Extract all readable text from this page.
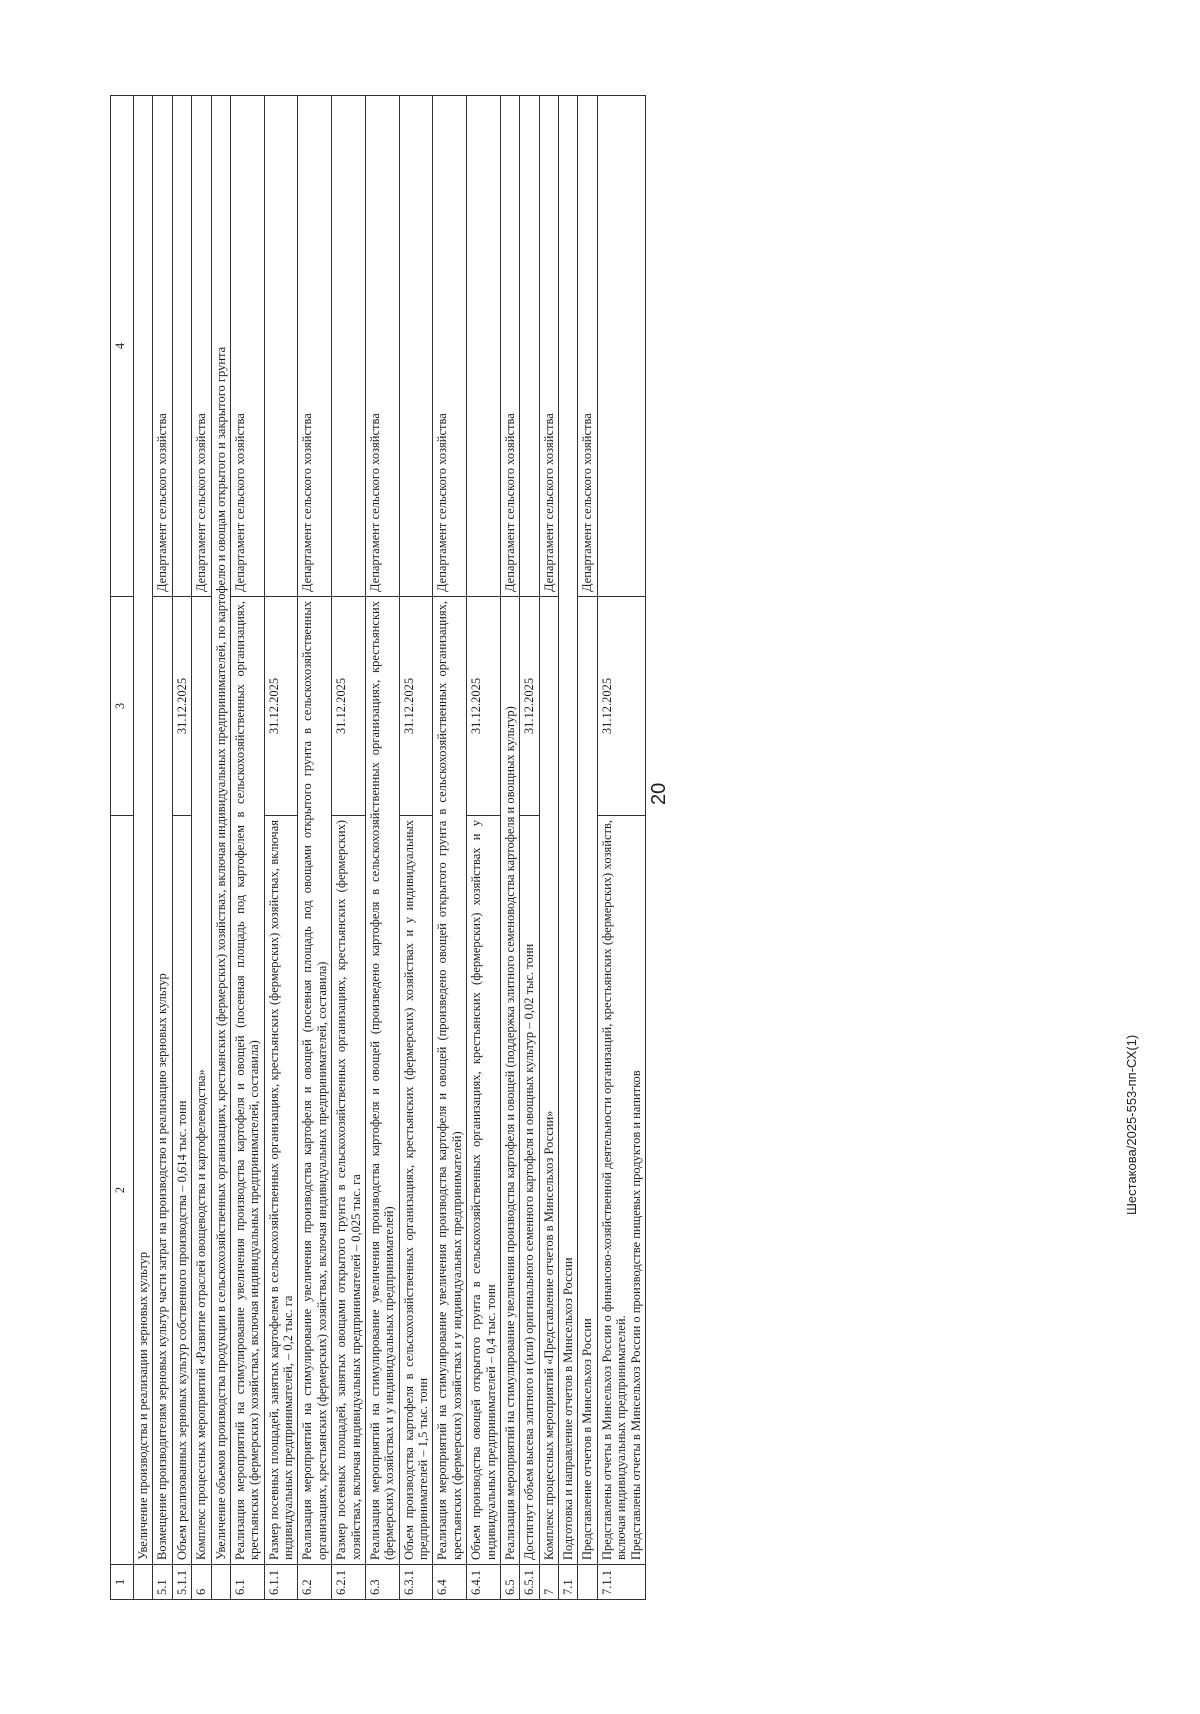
20
Шестакова/2025-553-пп-СХ(1)
1	2	3	4
	Увеличение производства и реализации зерновых культур		
5.1	Возмещение производителям зерновых культур части затрат на производство и реализацию зерновых культур		Департамент сельского хозяйства
5.1.1	Объем реализованных зерновых культур собственного производства – 0,614 тыс. тонн	31.12.2025	
6	Комплекс процессных мероприятий «Развитие отраслей овощеводства и картофелеводства»		Департамент сельского хозяйства
	Увеличение объемов производства продукции в сельскохозяйственных организациях, крестьянских (фермерских) хозяйствах, включая индивидуальных предпринимателей, по картофелю и овощам открытого и закрытого грунта		
6.1	Реализация мероприятий на стимулирование увеличения производства картофеля и овощей (посевная площадь под картофелем в сельскохозяйственных организациях, крестьянских (фермерских) хозяйствах, включая индивидуальных предпринимателей, составила)		Департамент сельского хозяйства
6.1.1	Размер посевных площадей, занятых картофелем в сельскохозяйственных организациях, крестьянских (фермерских) хозяйствах, включая индивидуальных предпринимателей, – 0,2 тыс. га	31.12.2025	
6.2	Реализация мероприятий на стимулирование увеличения производства картофеля и овощей (посевная площадь под овощами открытого грунта в сельскохозяйственных организациях, крестьянских (фермерских) хозяйствах, включая индивидуальных предпринимателей, составила)		Департамент сельского хозяйства
6.2.1	Размер посевных площадей, занятых овощами открытого грунта в сельскохозяйственных организациях, крестьянских (фермерских) хозяйствах, включая индивидуальных предпринимателей – 0,025 тыс. га	31.12.2025	
6.3	Реализация мероприятий на стимулирование увеличения производства картофеля и овощей (произведено картофеля в сельскохозяйственных организациях, крестьянских (фермерских) хозяйствах и у индивидуальных предпринимателей)		Департамент сельского хозяйства
6.3.1	Объем производства картофеля в сельскохозяйственных организациях, крестьянских (фермерских) хозяйствах и у индивидуальных предпринимателей – 1,5 тыс. тонн	31.12.2025	
6.4	Реализация мероприятий на стимулирование увеличения производства картофеля и овощей (произведено овощей открытого грунта в сельскохозяйственных организациях, крестьянских (фермерских) хозяйствах и у индивидуальных предпринимателей)		Департамент сельского хозяйства
6.4.1	Объем производства овощей открытого грунта в сельскохозяйственных организациях, крестьянских (фермерских) хозяйствах и у индивидуальных предпринимателей – 0,4 тыс. тонн	31.12.2025	
6.5	Реализация мероприятий на стимулирование увеличения производства картофеля и овощей (поддержка элитного семеноводства картофеля и овощных культур)		Департамент сельского хозяйства
6.5.1	Достигнут объем высева элитного и (или) оригинального семенного картофеля и овощных культур – 0,02 тыс. тонн	31.12.2025	
7	Комплекс процессных мероприятий «Представление отчетов в Минсельхоз России»		Департамент сельского хозяйства
7.1	Подготовка и направление отчетов в Минсельхоз России		
	Представление отчетов в Минсельхоз России		Департамент сельского хозяйства
7.1.1	Представлены отчеты в Минсельхоз России о финансово-хозяйственной деятельности организаций, крестьянских (фермерских) хозяйств, включая индивидуальных предпринимателей. Представлены отчеты в Минсельхоз России о производстве пищевых продуктов и напитков	31.12.2025	
